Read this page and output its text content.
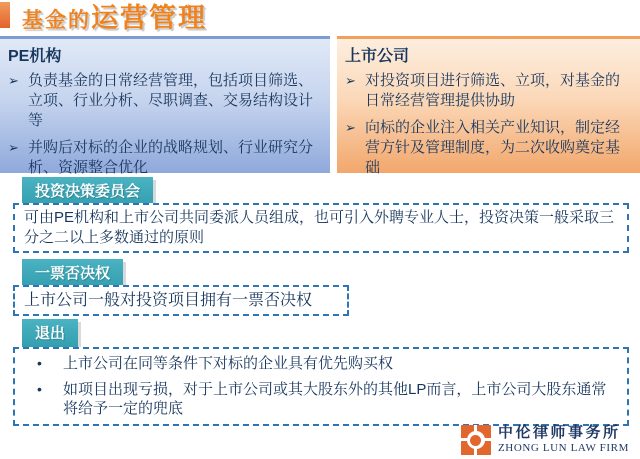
基金的运营管理
PE机构
➢ 负责基金的日常经营管理，包括项目筛选、立项、行业分析、尽职调查、交易结构设计等
➢ 并购后对标的企业的战略规划、行业研究分析、资源整合优化
上市公司
➢ 对投资项目进行筛选、立项，对基金的日常经营管理提供协助
➢ 向标的企业注入相关产业知识，制定经营方针及管理制度，为二次收购奠定基础
投资决策委员会

可由PE机构和上市公司共同委派人员组成，也可引入外聘专业人士，投资决策一般采取三分之二以上多数通过的原则

一票否决权

上市公司一般对投资项目拥有一票否决权

退出
•	上市公司在同等条件下对标的企业具有优先购买权
•	如项目出现亏损，对于上市公司或其大股东外的其他LP而言，上市公司大股东通常将给予一定的兜底
中伦律师事务所
ZHONG LUN LAW FIRM
